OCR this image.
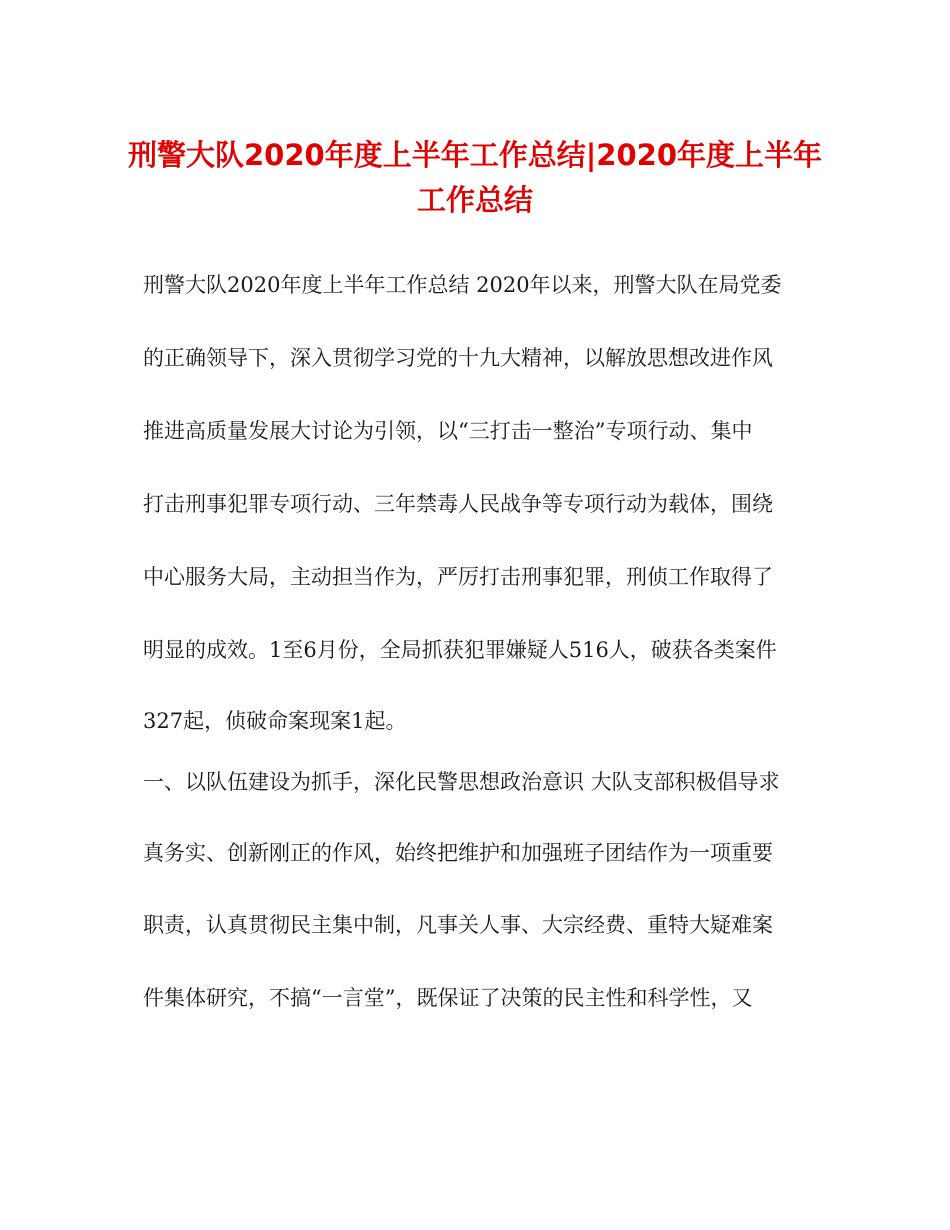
刑警大队2020年度上半年工作总结|2020年度上半年
工作总结
刑警大队2020年度上半年工作总结 2020年以来，刑警大队在局党委
的正确领导下，深入贯彻学习党的十九大精神，以解放思想改进作风
推进高质量发展大讨论为引领，以“三打击一整治”专项行动、集中
打击刑事犯罪专项行动、三年禁毒人民战争等专项行动为载体，围绕
中心服务大局，主动担当作为，严厉打击刑事犯罪，刑侦工作取得了
明显的成效。1至6月份，全局抓获犯罪嫌疑人516人，破获各类案件
327起，侦破命案现案1起。
一、以队伍建设为抓手，深化民警思想政治意识 大队支部积极倡导求
真务实、创新刚正的作风，始终把维护和加强班子团结作为一项重要
职责，认真贯彻民主集中制，凡事关人事、大宗经费、重特大疑难案
件集体研究，不搞“一言堂”，既保证了决策的民主性和科学性，又
